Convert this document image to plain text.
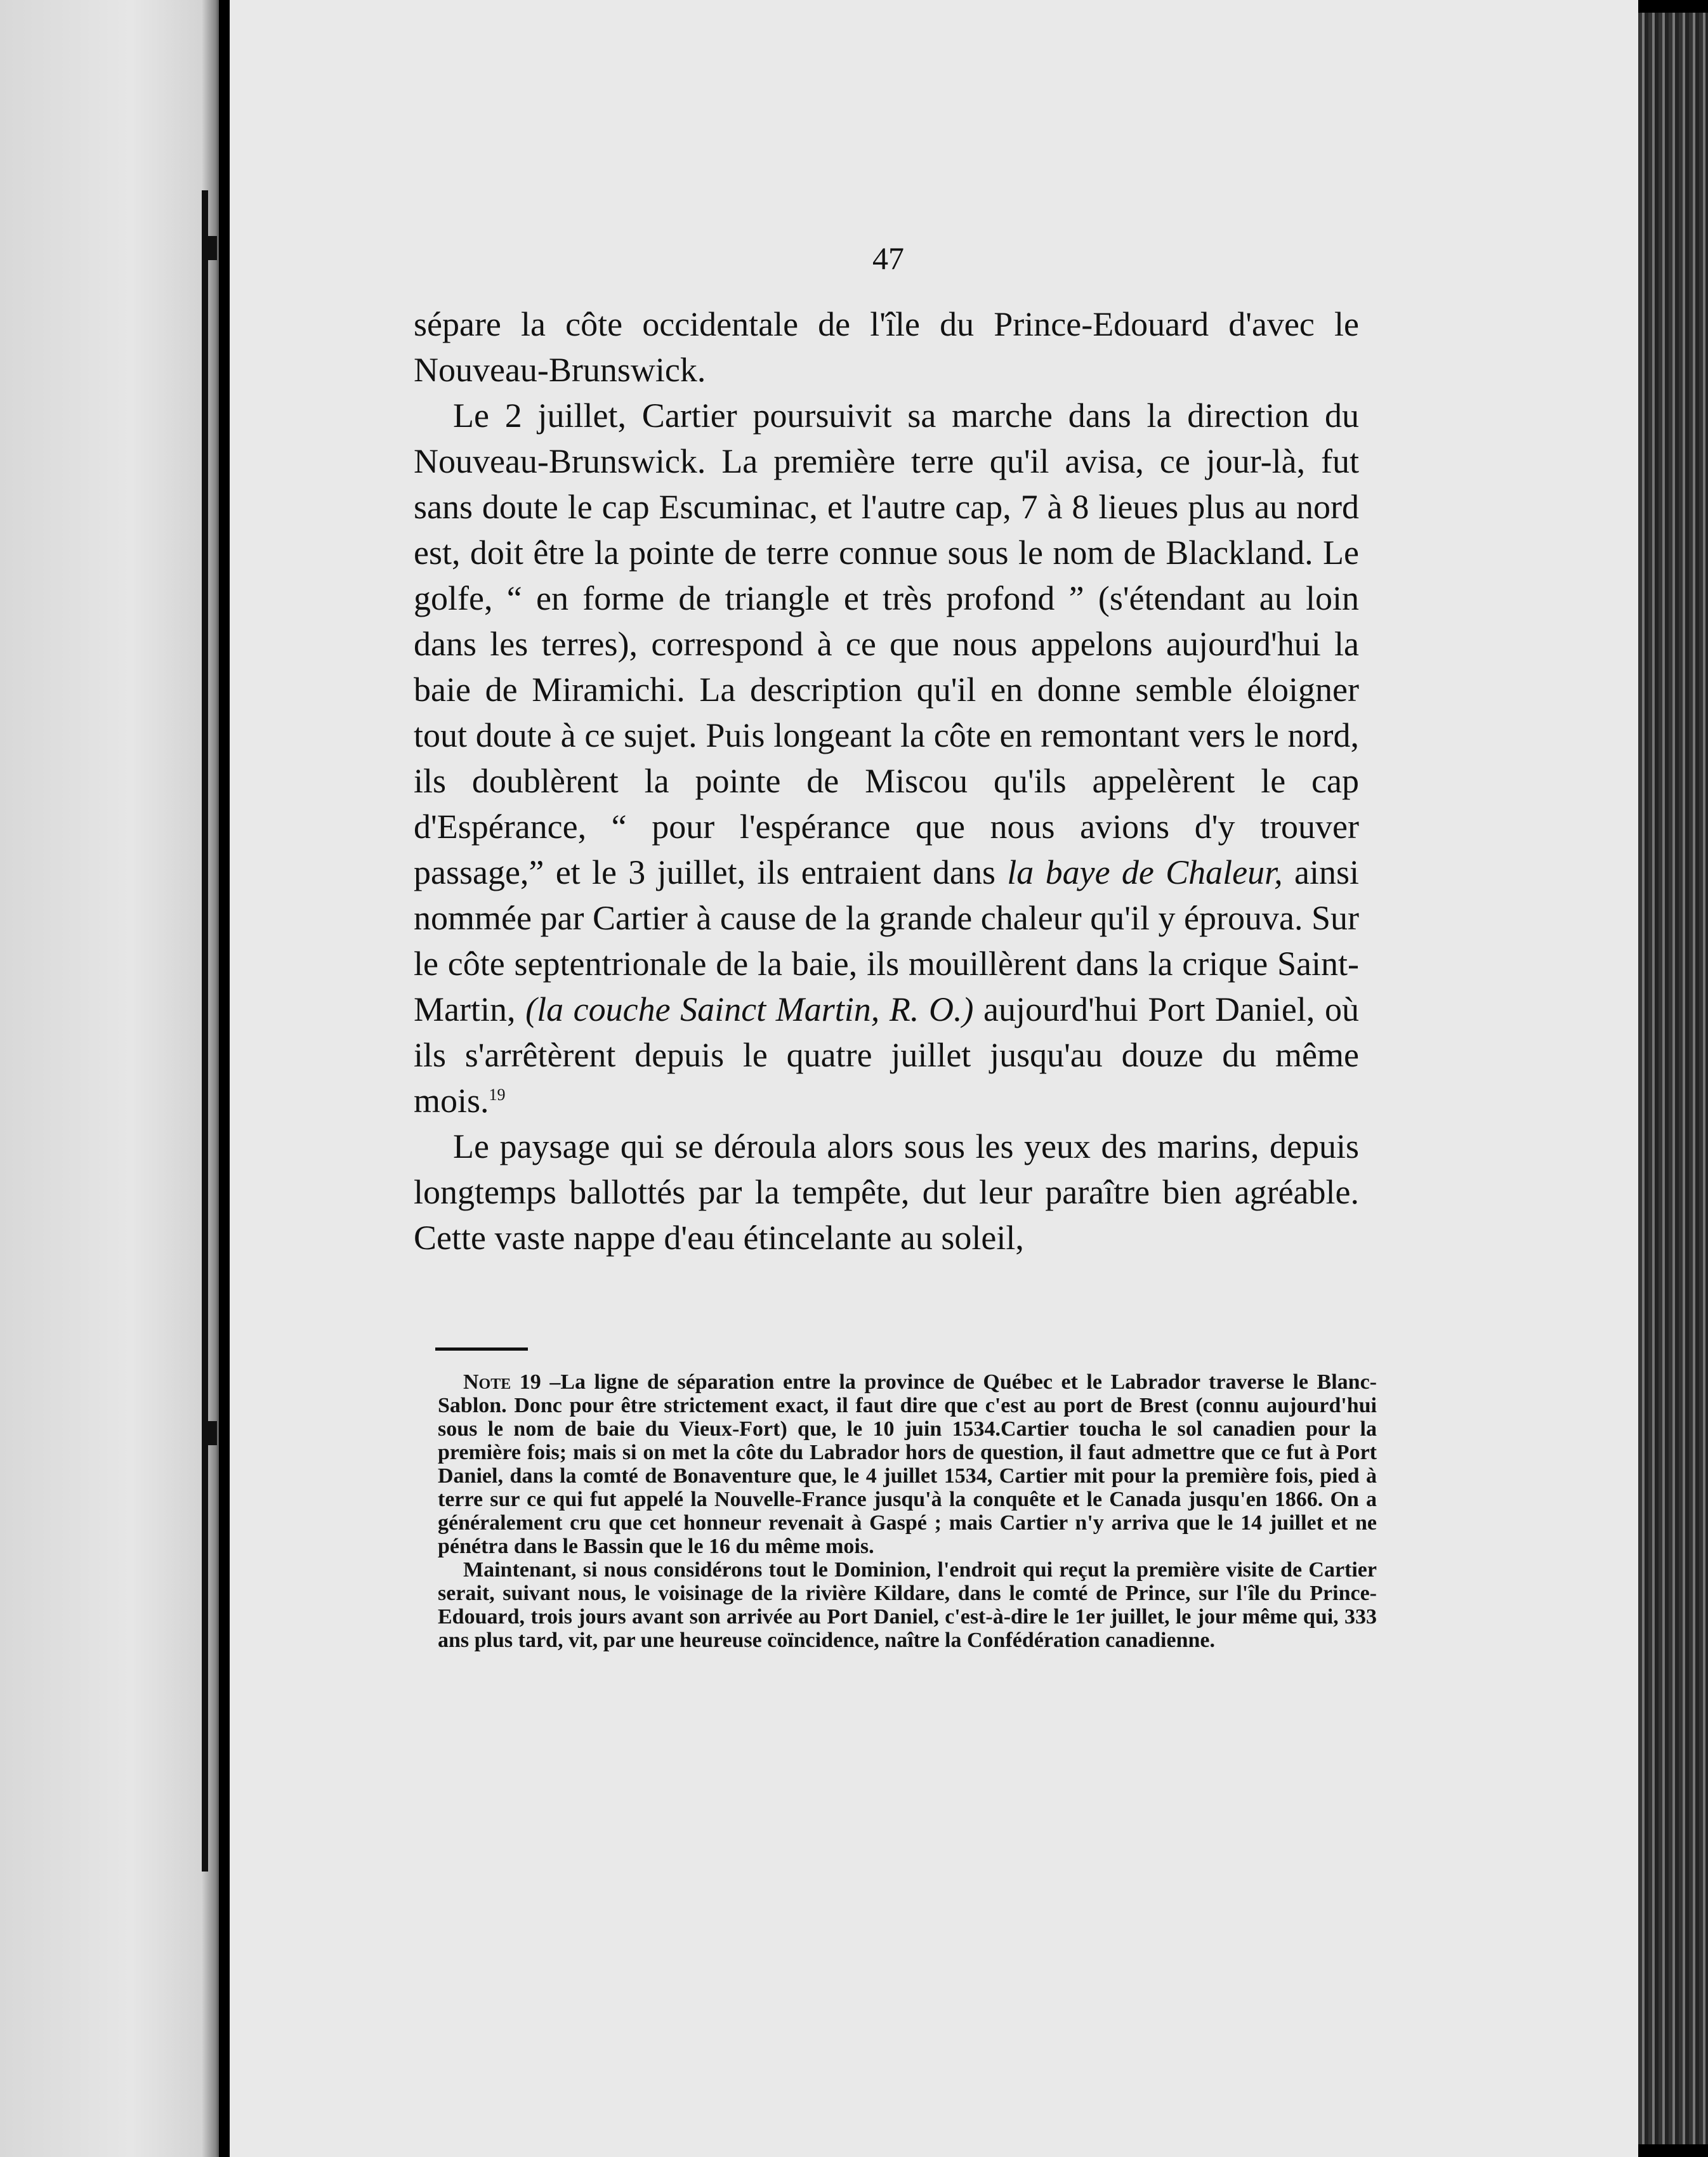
47

sépare la côte occidentale de l'île du Prince-Edouard d'avec le Nouveau-Brunswick.

Le 2 juillet, Cartier poursuivit sa marche dans la direction du Nouveau-Brunswick. La première terre qu'il avisa, ce jour-là, fut sans doute le cap Escuminac, et l'autre cap, 7 à 8 lieues plus au nord est, doit être la pointe de terre connue sous le nom de Blackland. Le golfe, “ en forme de triangle et très profond ” (s'étendant au loin dans les terres), correspond à ce que nous appelons aujourd'hui la baie de Miramichi. La description qu'il en donne semble éloigner tout doute à ce sujet. Puis longeant la côte en remontant vers le nord, ils doublèrent la pointe de Miscou qu'ils appelèrent le cap d'Espérance, “ pour l'espérance que nous avions d'y trouver passage,” et le 3 juillet, ils entraient dans la baye de Chaleur, ainsi nommée par Cartier à cause de la grande chaleur qu'il y éprouva. Sur le côte septentrionale de la baie, ils mouillèrent dans la crique Saint-Martin, (la couche Sainct Martin, R. O.) aujourd'hui Port Daniel, où ils s'arrêtèrent depuis le quatre juillet jusqu'au douze du même mois.$^{19}$

Le paysage qui se déroula alors sous les yeux des marins, depuis longtemps ballottés par la tempête, dut leur paraître bien agréable. Cette vaste nappe d'eau étincelante au soleil,

Note 19 –La ligne de séparation entre la province de Québec et le Labrador traverse le Blanc-Sablon. Donc pour être strictement exact, il faut dire que c'est au port de Brest (connu aujourd'hui sous le nom de baie du Vieux-Fort) que, le 10 juin 1534.Cartier toucha le sol canadien pour la première fois; mais si on met la côte du Labrador hors de question, il faut admettre que ce fut à Port Daniel, dans la comté de Bonaventure que, le 4 juillet 1534, Cartier mit pour la première fois, pied à terre sur ce qui fut appelé la Nouvelle-France jusqu'à la conquête et le Canada jusqu'en 1866. On a généralement cru que cet honneur revenait à Gaspé ; mais Cartier n'y arriva que le 14 juillet et ne pénétra dans le Bassin que le 16 du même mois.

Maintenant, si nous considérons tout le Dominion, l'endroit qui reçut la première visite de Cartier serait, suivant nous, le voisinage de la rivière Kildare, dans le comté de Prince, sur l'île du Prince-Edouard, trois jours avant son arrivée au Port Daniel, c'est-à-dire le 1er juillet, le jour même qui, 333 ans plus tard, vit, par une heureuse coïncidence, naître la Confédération canadienne.
